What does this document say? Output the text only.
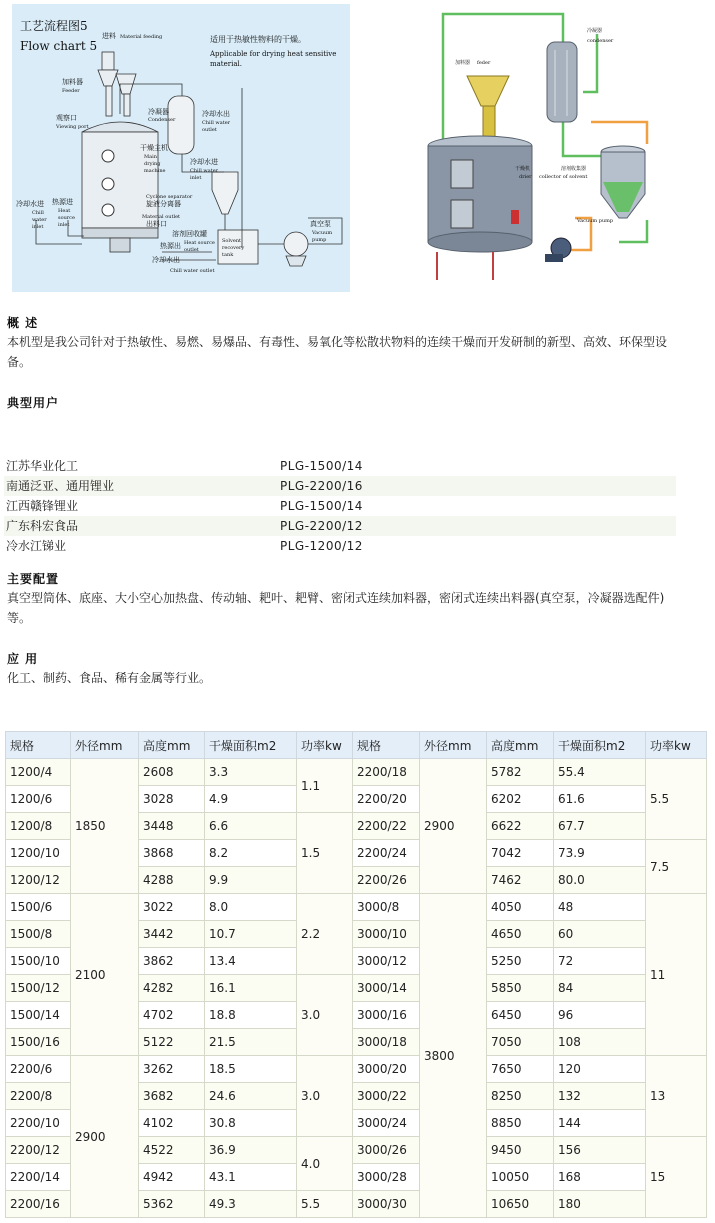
工艺流程图5
Flow chart 5	适用于热敏性物料的干燥。
Applicable for drying heat sensitive
material.
进料 Material feeding
加料器
Feeder
观察口
Viewing port
冷凝器
Condenser
冷却水出
Chill water
outlet
干燥主机
Main
drying
machine
冷却水进
Chill water
inlet
Cyclone separator
旋液分离器
Material outlet
出料口
溶剂回收罐
Solvent
recovery
tank
热源出 Heat source
outlet
冷却水出
Chill water outlet
真空泵
Vacuum
pump
冷却水进
Chill
water
inlet
热源进
Heat
source
inlet
加料器 feder
冷凝器
condenser
干燥机
drier
溶剂收集器
collector of solvent
Vacuum pump
概 述
本机型是我公司针对于热敏性、易燃、易爆品、有毒性、易氧化等松散状物料的连续干燥而开发研制的新型、高效、环保型设
备。
典型用户
江苏华业化工	PLG-1500/14
南通泛亚、通用锂业	PLG-2200/16
江西赣锋锂业	PLG-1500/14
广东科宏食品	PLG-2200/12
冷水江锑业	PLG-1200/12
主要配置
真空型筒体、底座、大小空心加热盘、传动轴、耙叶、耙臂、密闭式连续加料器，密闭式连续出料器(真空泵，冷凝器选配件)
等。
应 用
化工、制药、食品、稀有金属等行业。
规格	外径mm	高度mm	干燥面积m2	功率kw	规格	外径mm	高度mm	干燥面积m2	功率kw
1200/4	1850	2608	3.3	1.1	2200/18	2900	5782	55.4	5.5
1200/6		3028	4.9		2200/20		6202	61.6	
1200/8		3448	6.6	1.5	2200/22		6622	67.7	
1200/10		3868	8.2		2200/24		7042	73.9	7.5
1200/12		4288	9.9		2200/26		7462	80.0	
1500/6	2100	3022	8.0	2.2	3000/8	3800	4050	48	11
1500/8		3442	10.7		3000/10		4650	60	
1500/10		3862	13.4		3000/12		5250	72	
1500/12		4282	16.1	3.0	3000/14		5850	84	
1500/14		4702	18.8		3000/16		6450	96	
1500/16		5122	21.5		3000/18		7050	108	
2200/6	2900	3262	18.5	3.0	3000/20		7650	120	13
2200/8		3682	24.6		3000/22		8250	132	
2200/10		4102	30.8		3000/24		8850	144	
2200/12		4522	36.9	4.0	3000/26		9450	156	15
2200/14		4942	43.1		3000/28		10050	168	
2200/16		5362	49.3	5.5	3000/30		10650	180	
